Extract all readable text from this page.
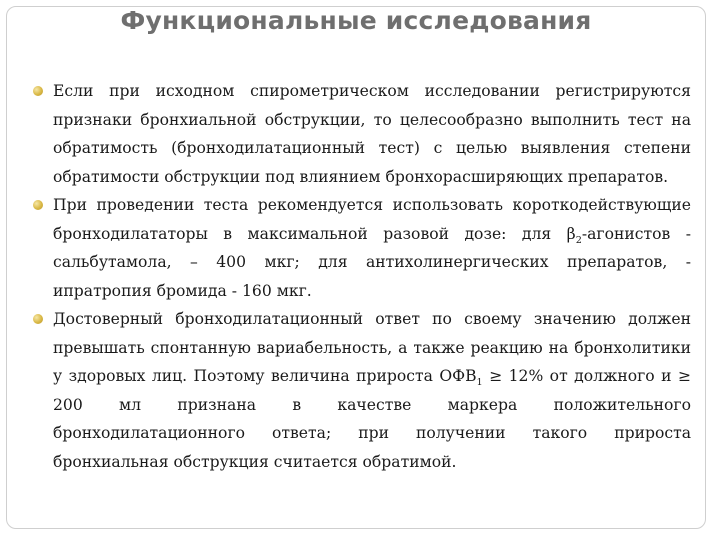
Функциональные исследования
Если при исходном спирометрическом исследовании регистрируются признаки бронхиальной обструкции, то целесообразно выполнить тест на обратимость (бронходилатационный тест) с целью выявления степени обратимости обструкции под влиянием бронхорасширяющих препаратов.
При проведении теста рекомендуется использовать короткодействующие бронходилататоры в максимальной разовой дозе: для $\beta_2$-агонистов - сальбутамола, – 400 мкг; для антихолинергических препаратов, - ипратропия бромида - 160 мкг.
Достоверный бронходилатационный ответ по своему значению должен превышать спонтанную вариабельность, а также реакцию на бронхолитики у здоровых лиц. Поэтому величина прироста $ОФВ_1 \ge 12\%$ от должного и ≥ 200 мл признана в качестве маркера положительного бронходилатационного ответа; при получении такого прироста бронхиальная обструкция считается обратимой.
